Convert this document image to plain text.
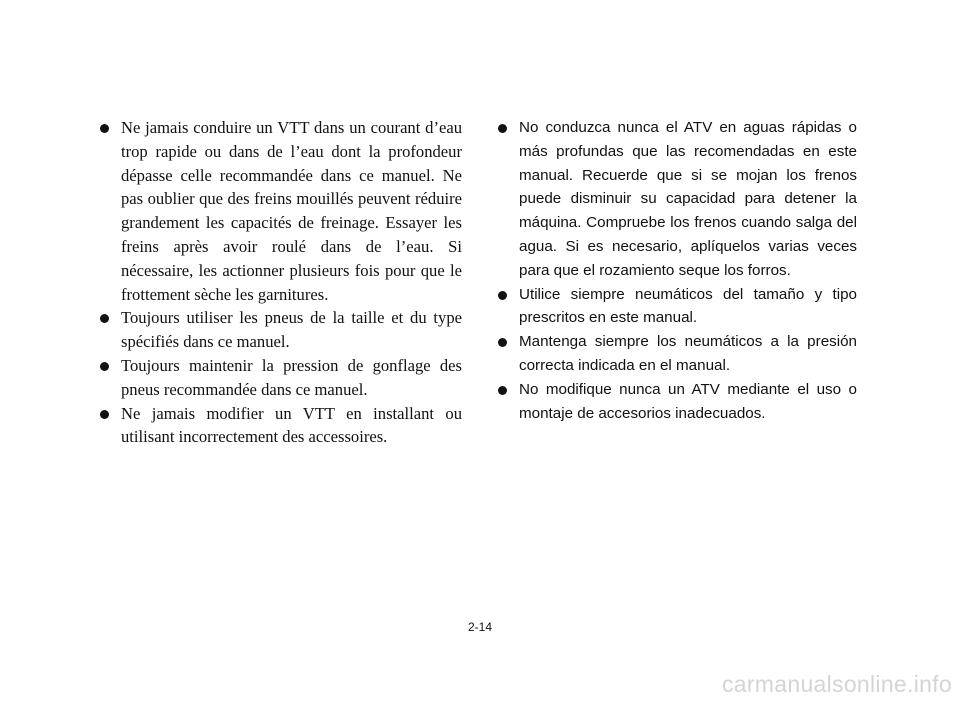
Ne jamais conduire un VTT dans un courant d’eau trop rapide ou dans de l’eau dont la profondeur dépasse celle recommandée dans ce manuel. Ne pas oublier que des freins mouillés peuvent réduire grandement les capacités de freinage. Essayer les freins après avoir roulé dans de l’eau. Si nécessaire, les actionner plusieurs fois pour que le frottement sèche les garnitures.
Toujours utiliser les pneus de la taille et du type spécifiés dans ce manuel.
Toujours maintenir la pression de gonflage des pneus recommandée dans ce manuel.
Ne jamais modifier un VTT en installant ou utilisant incorrectement des accessoires.
No conduzca nunca el ATV en aguas rápidas o más profundas que las recomendadas en este manual. Recuerde que si se mojan los frenos puede disminuir su capacidad para detener la máquina. Compruebe los frenos cuando salga del agua. Si es necesario, aplíquelos varias veces para que el rozamiento seque los forros.
Utilice siempre neumáticos del tamaño y tipo prescritos en este manual.
Mantenga siempre los neumáticos a la presión correcta indicada en el manual.
No modifique nunca un ATV mediante el uso o montaje de accesorios inadecuados.
2-14
carmanualsonline.info
